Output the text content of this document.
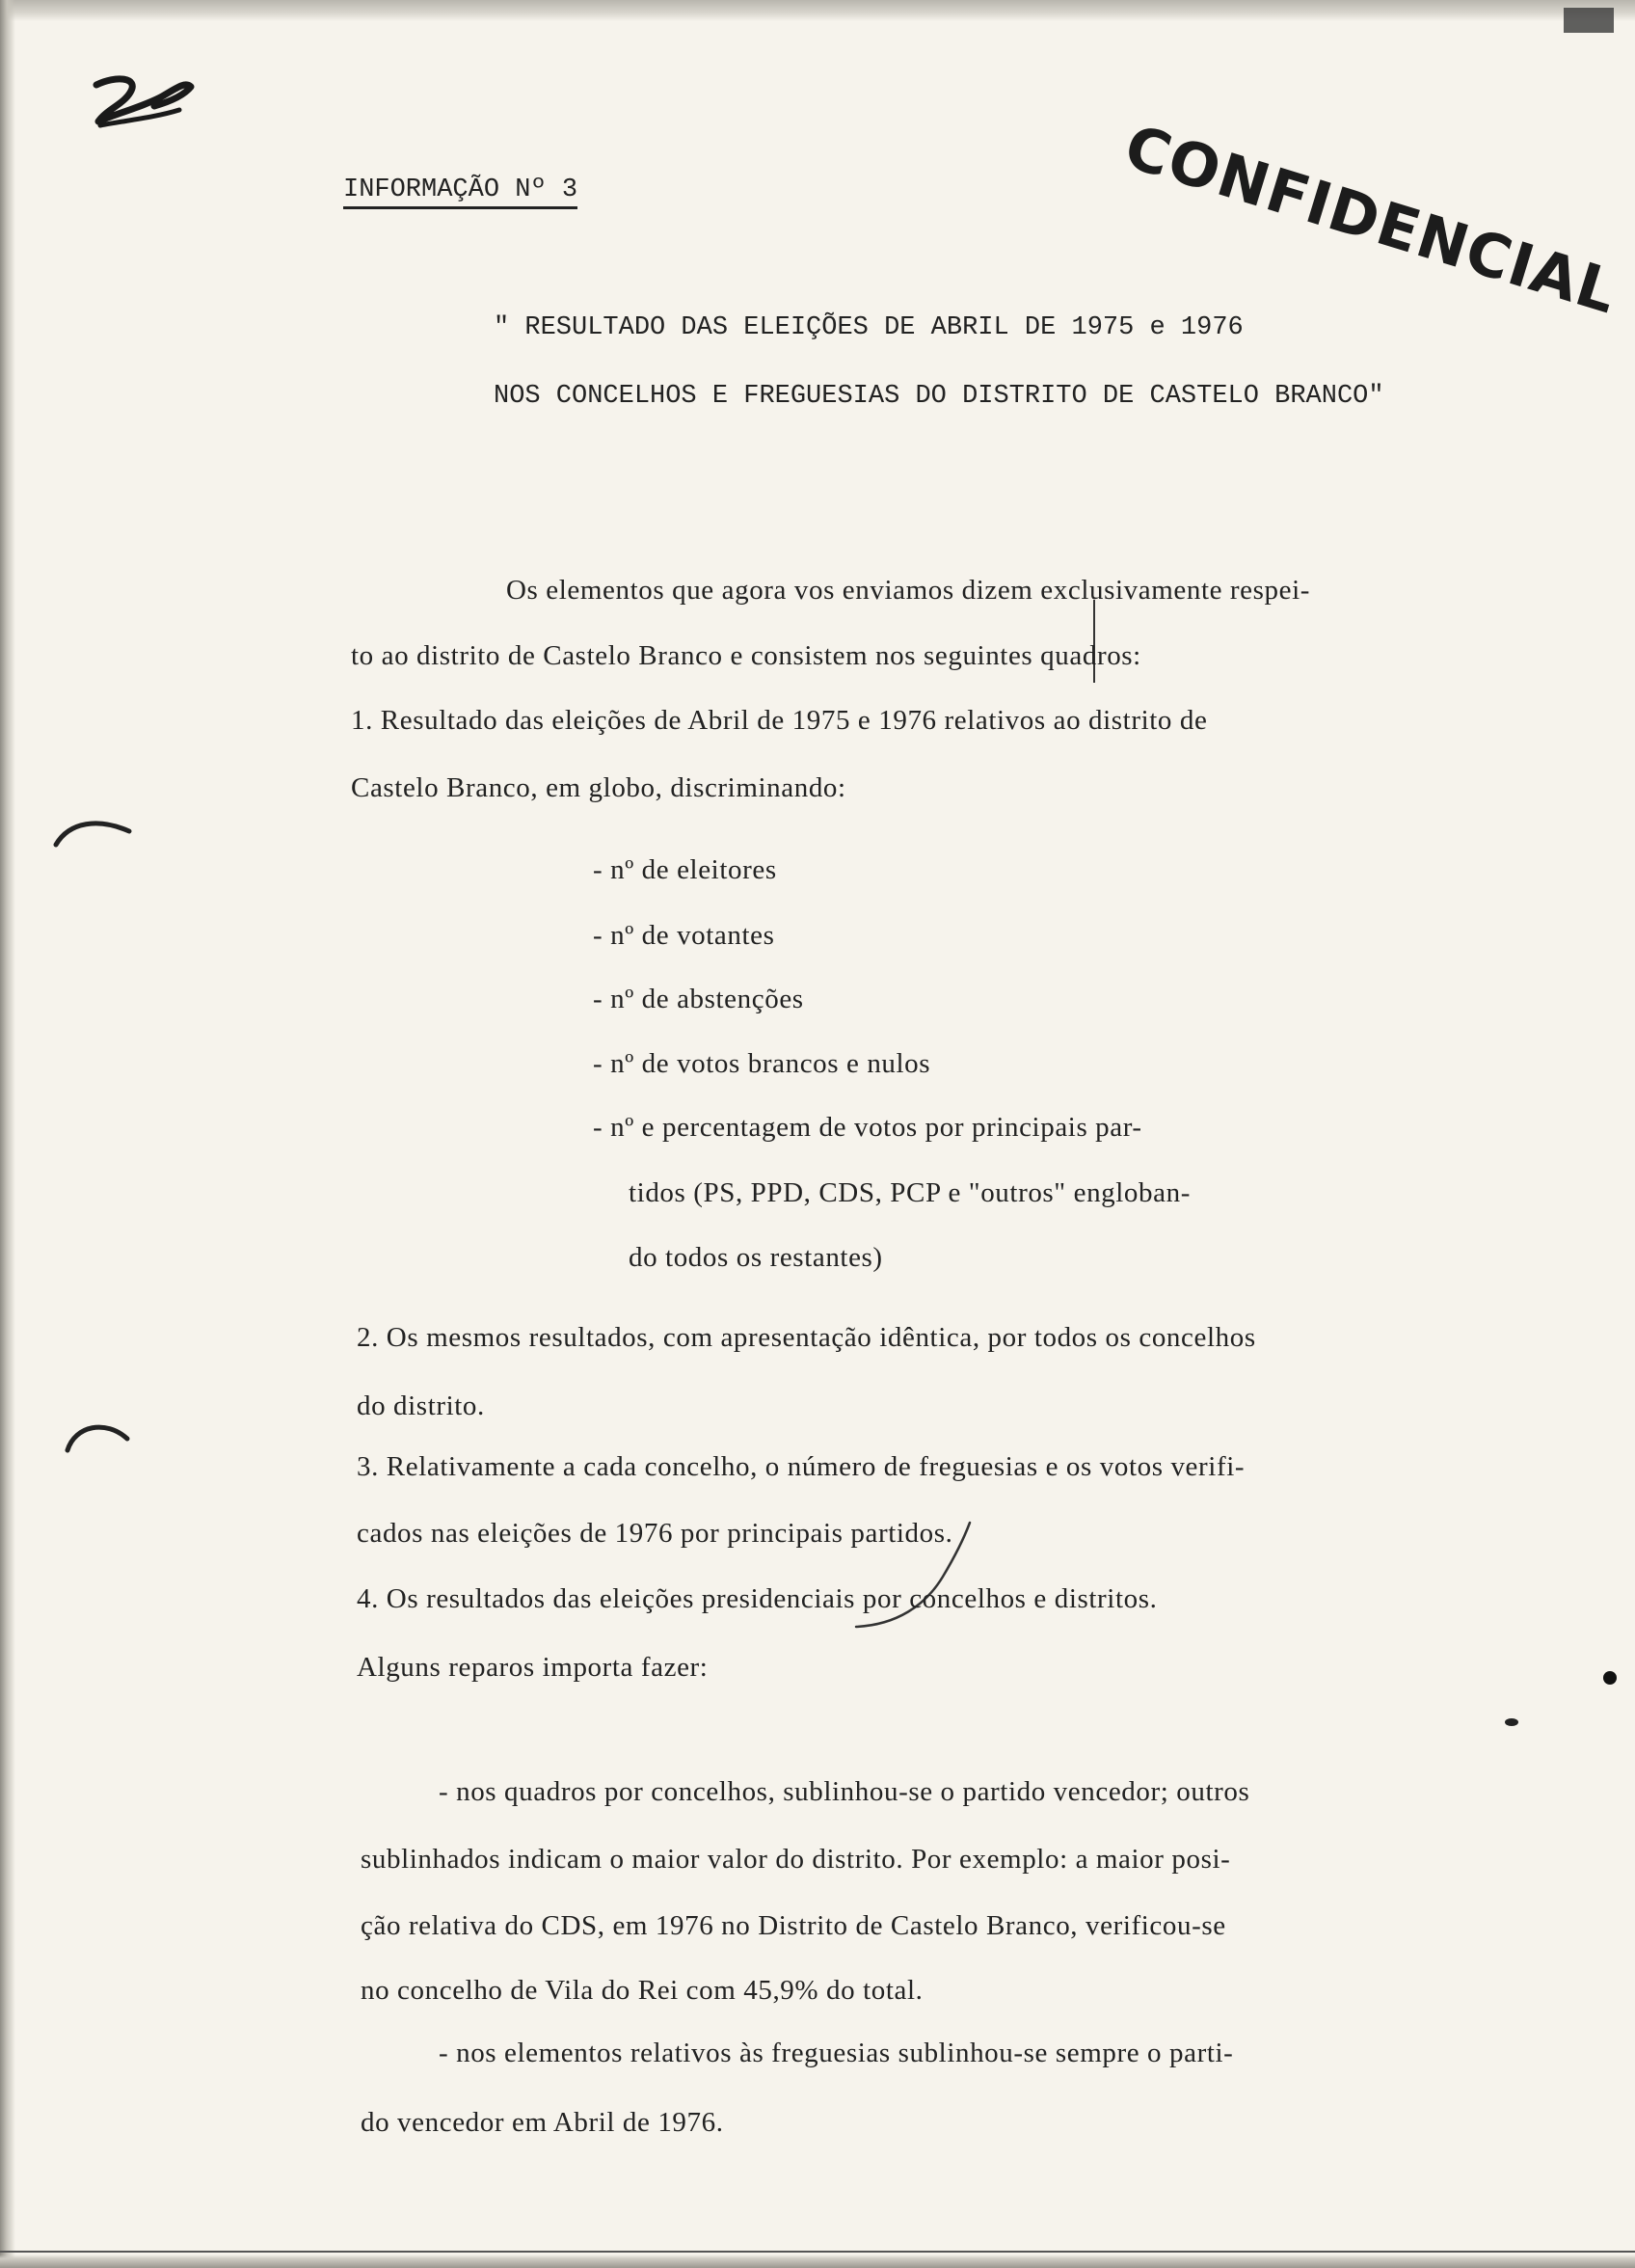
INFORMAÇÃO Nº 3	CONFIDENCIAL
" RESULTADO DAS ELEIÇÕES DE ABRIL DE 1975 e 1976
NOS CONCELHOS E FREGUESIAS DO DISTRITO DE CASTELO BRANCO"
Os elementos que agora vos enviamos dizem exclusivamente respei-
to ao distrito de Castelo Branco e consistem nos seguintes quadros:
1. Resultado das eleições de Abril de 1975 e 1976 relativos ao distrito de
Castelo Branco, em globo, discriminando:
- nº de eleitores
- nº de votantes
- nº de abstenções
- nº de votos brancos e nulos
- nº e percentagem de votos por principais par-
tidos (PS, PPD, CDS, PCP e "outros" engloban-
do todos os restantes)
2. Os mesmos resultados, com apresentação idêntica, por todos os concelhos
do distrito.
3. Relativamente a cada concelho, o número de freguesias e os votos verifi-
cados nas eleições de 1976 por principais partidos.
4. Os resultados das eleições presidenciais por concelhos e distritos.
Alguns reparos importa fazer:
- nos quadros por concelhos, sublinhou-se o partido vencedor; outros
sublinhados indicam o maior valor do distrito. Por exemplo: a maior posi-
ção relativa do CDS, em 1976 no Distrito de Castelo Branco, verificou-se
no concelho de Vila do Rei com 45,9% do total.
- nos elementos relativos às freguesias sublinhou-se sempre o parti-
do vencedor em Abril de 1976.
